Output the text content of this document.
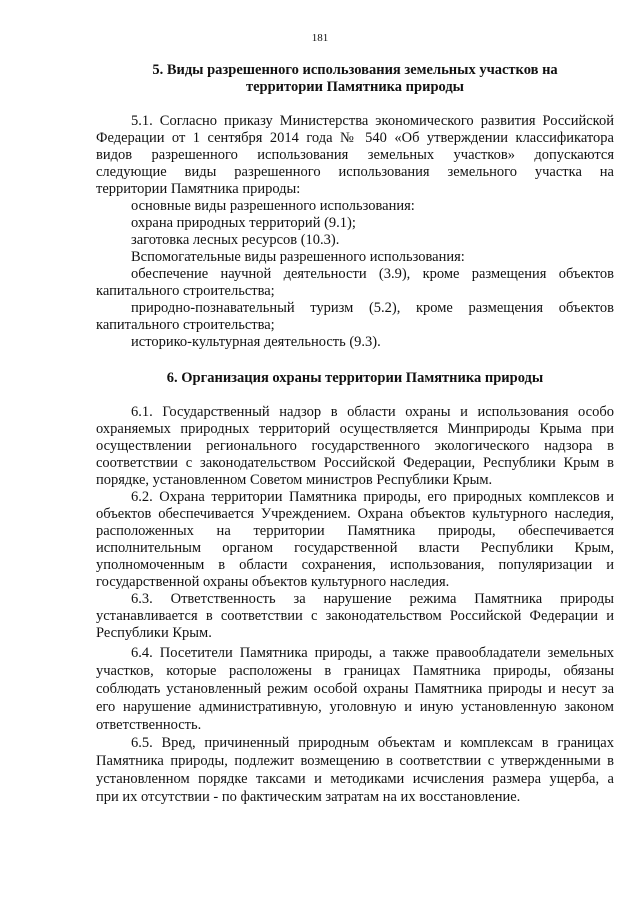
181
5. Виды разрешенного использования земельных участков на
территории Памятника природы
5.1. Согласно приказу Министерства экономического развития Российской
Федерации от 1 сентября 2014 года № 540 «Об утверждении классификатора
видов разрешенного использования земельных участков» допускаются
следующие виды разрешенного использования земельного участка на
территории Памятника природы:
основные виды разрешенного использования:
охрана природных территорий (9.1);
заготовка лесных ресурсов (10.3).
Вспомогательные виды разрешенного использования:
обеспечение научной деятельности (3.9), кроме размещения объектов
капитального строительства;
природно-познавательный туризм (5.2), кроме размещения объектов
капитального строительства;
историко-культурная деятельность (9.3).
6. Организация охраны территории Памятника природы
6.1. Государственный надзор в области охраны и использования особо
охраняемых природных территорий осуществляется Минприроды Крыма при
осуществлении регионального государственного экологического надзора в
соответствии с законодательством Российской Федерации, Республики Крым в
порядке, установленном Советом министров Республики Крым.
6.2. Охрана территории Памятника природы, его природных комплексов и
объектов обеспечивается Учреждением. Охрана объектов культурного наследия,
расположенных на территории Памятника природы, обеспечивается
исполнительным органом государственной власти Республики Крым,
уполномоченным в области сохранения, использования, популяризации и
государственной охраны объектов культурного наследия.
6.3. Ответственность за нарушение режима Памятника природы
устанавливается в соответствии с законодательством Российской Федерации и
Республики Крым.
6.4. Посетители Памятника природы, а также правообладатели земельных
участков, которые расположены в границах Памятника природы, обязаны
соблюдать установленный режим особой охраны Памятника природы и несут за
его нарушение административную, уголовную и иную установленную законом
ответственность.
6.5. Вред, причиненный природным объектам и комплексам в границах
Памятника природы, подлежит возмещению в соответствии с утвержденными в
установленном порядке таксами и методиками исчисления размера ущерба, а
при их отсутствии - по фактическим затратам на их восстановление.
